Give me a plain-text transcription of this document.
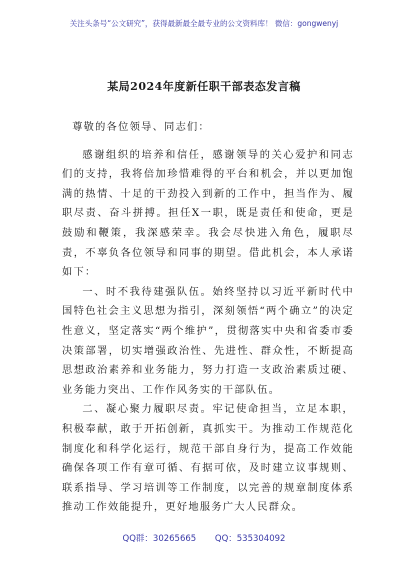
关注头条号“公文研究”，获得最新最全最专业的公文资料库！ 微信：gongwenyj
某局2024年度新任职干部表态发言稿

尊敬的各位领导、同志们：

感谢组织的培养和信任，感谢领导的关心爱护和同志们的支持，我将倍加珍惜难得的平台和机会，并以更加饱满的热情、十足的干劲投入到新的工作中，担当作为、履职尽责、奋斗拼搏。担任X一职，既是责任和使命，更是鼓励和鞭策，我深感荣幸。我会尽快进入角色，履职尽责，不辜负各位领导和同事的期望。借此机会，本人承诺如下：

一、时不我待建强队伍。始终坚持以习近平新时代中国特色社会主义思想为指引，深刻领悟“两个确立”的决定性意义，坚定落实“两个维护”，贯彻落实中央和省委市委决策部署，切实增强政治性、先进性、群众性，不断提高思想政治素养和业务能力，努力打造一支政治素质过硬、业务能力突出、工作作风务实的干部队伍。

二、凝心聚力履职尽责。牢记使命担当，立足本职，积极奉献，敢于开拓创新，真抓实干。为推动工作规范化制度化和科学化运行，规范干部自身行为，提高工作效能确保各项工作有章可循、有据可依，及时建立议事规则、联系指导、学习培训等工作制度，以完善的规章制度体系推动工作效能提升，更好地服务广大人民群众。

QQ群：30265665 QQ：535304092
